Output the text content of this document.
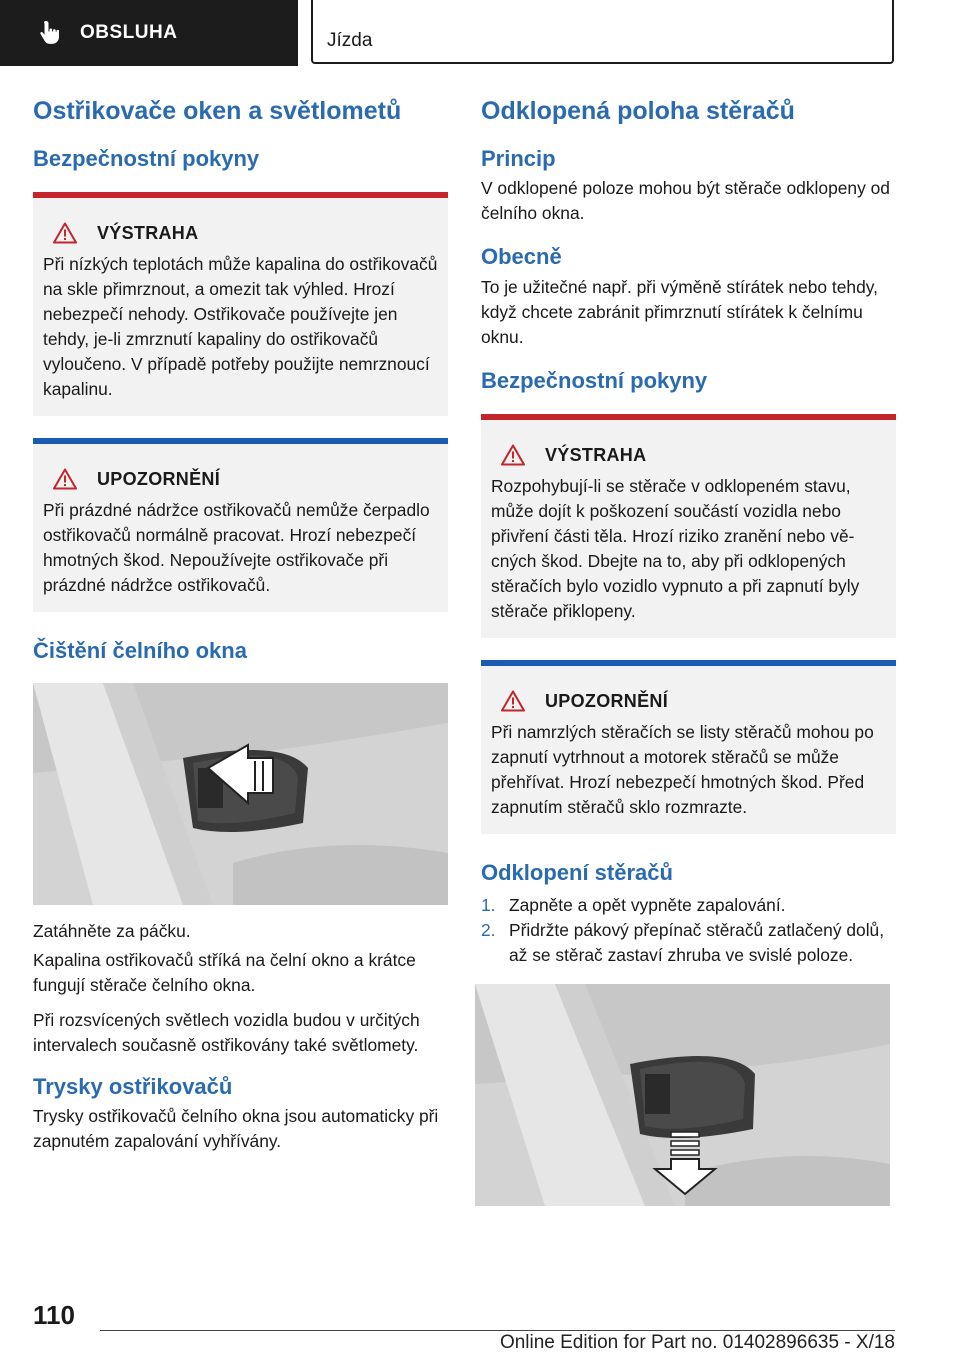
OBSLUHA	Jízda
Ostřikovače oken a světlometů
Bezpečnostní pokyny
VÝSTRAHA

Při nízkých teplotách může kapalina do ostřikovačů na skle přimrznout, a omezit tak výhled. Hrozí nebezpečí nehody. Ostřikovače používejte jen tehdy, je-li zmrznutí kapaliny do ostřikovačů vyloučeno. V případě potřeby použijte nemrznoucí kapalinu.

UPOZORNĚNÍ

Při prázdné nádržce ostřikovačů nemůže čerpadlo ostřikovačů normálně pracovat. Hrozí nebezpečí hmotných škod. Nepoužívejte ostřikovače při prázdné nádržce ostřikovačů.

Čištění čelního okna

Zatáhněte za páčku.

Kapalina ostřikovačů stříká na čelní okno a krátce fungují stěrače čelního okna.

Při rozsvícených světlech vozidla budou v určitých intervalech současně ostřikovány také světlomety.

Trysky ostřikovačů

Trysky ostřikovačů čelního okna jsou automaticky při zapnutém zapalování vyhřívány.

Odklopená poloha stěračů
Princip

V odklopené poloze mohou být stěrače odklopeny od čelního okna.

Obecně

To je užitečné např. při výměně stírátek nebo tehdy, když chcete zabránit přimrznutí stírátek k čelnímu oknu.

Bezpečnostní pokyny
VÝSTRAHA

Rozpohybují-li se stěrače v odklopeném stavu, může dojít k poškození součástí vozidla nebo přivření části těla. Hrozí riziko zranění nebo věcných škod. Dbejte na to, aby při odklopených stěračích bylo vozidlo vypnuto a při zapnutí byly stěrače přiklopeny.

UPOZORNĚNÍ

Při namrzlých stěračích se listy stěračů mohou po zapnutí vytrhnout a motorek stěračů se může přehřívat. Hrozí nebezpečí hmotných škod. Před zapnutím stěračů sklo rozmrazte.

Odklopení stěračů
1. Zapněte a opět vypněte zapalování.
2. Přidržte pákový přepínač stěračů zatlačený dolů, až se stěrač zastaví zhruba ve svislé poloze.
110
Online Edition for Part no. 01402896635 - X/18
